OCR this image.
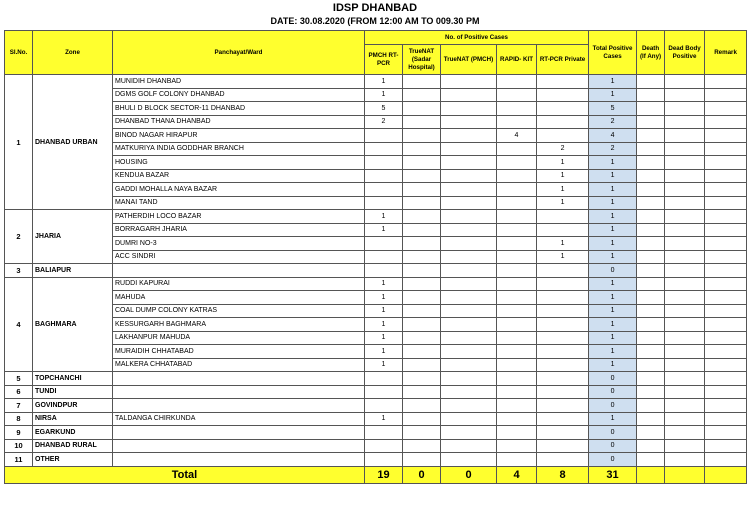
IDSP DHANBAD
DATE: 30.08.2020 (FROM 12:00 AM TO 009.30 PM
Sl.No.	Zone	Panchayat/Ward	No. of Positive Cases					Total Positive Cases	Death (If Any)	Dead Body Positive	Remark
			PMCH RT-PCR	TrueNAT (Sadar Hospital)	TrueNAT (PMCH)	RAPID- KIT	RT-PCR Private				
1	DHANBAD URBAN	MUNIDIH DHANBAD	1					1			
		DGMS GOLF COLONY DHANBAD	1					1			
		BHULI D BLOCK SECTOR-11 DHANBAD	5					5			
		DHANBAD THANA DHANBAD	2					2			
		BINOD NAGAR HIRAPUR				4		4			
		MATKURIYA INDIA GODDHAR BRANCH					2	2			
		HOUSING					1	1			
		KENDUA BAZAR					1	1			
		GADDI MOHALLA NAYA BAZAR					1	1			
		MANAI TAND					1	1			
2	JHARIA	PATHERDIH LOCO BAZAR	1					1			
		BORRAGARH JHARIA	1					1			
		DUMRI NO-3					1	1			
		ACC SINDRI					1	1			
3	BALIAPUR							0			
4	BAGHMARA	RUDDI KAPURAI	1					1			
		MAHUDA	1					1			
		COAL DUMP COLONY KATRAS	1					1			
		KESSURGARH BAGHMARA	1					1			
		LAKHANPUR MAHUDA	1					1			
		MURAIDIH CHHATABAD	1					1			
		MALKERA CHHATABAD	1					1			
5	TOPCHANCHI							0			
6	TUNDI							0			
7	GOVINDPUR							0			
8	NIRSA	TALDANGA CHIRKUNDA	1					1			
9	EGARKUND							0			
10	DHANBAD RURAL							0			
11	OTHER							0			
Total			19	0	0	4	8	31			
